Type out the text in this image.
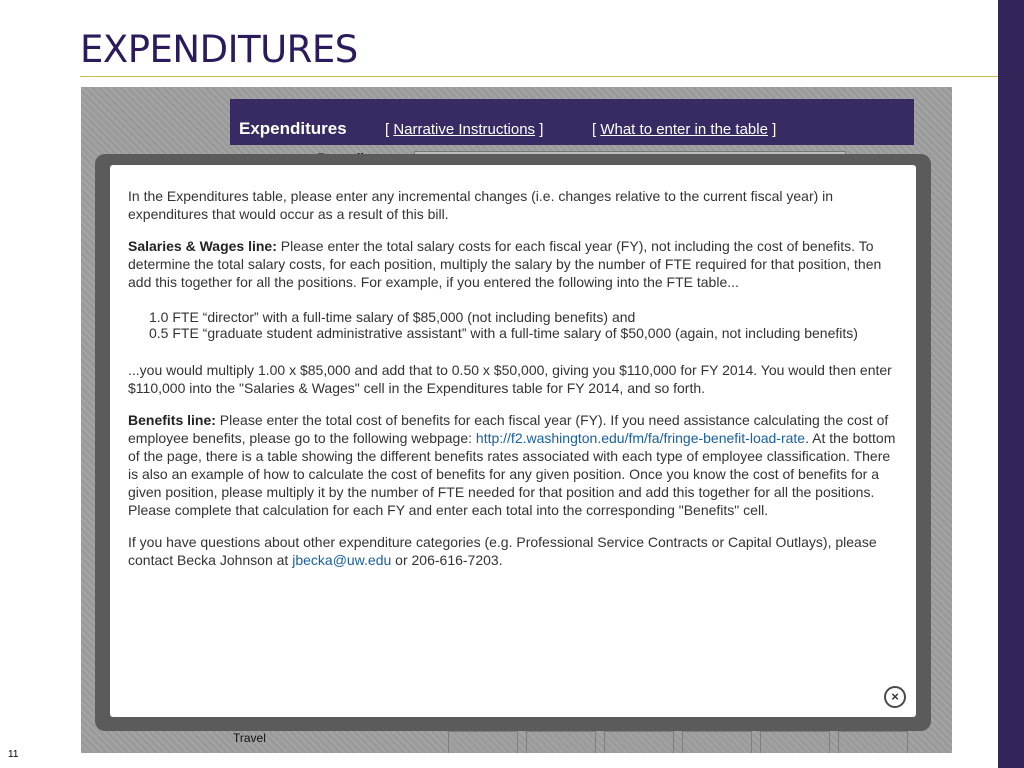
EXPENDITURES
11
Expenditures	[ Narrative Instructions ]	[ What to enter in the table ]
Travel

In the Expenditures table, please enter any incremental changes (i.e. changes relative to the current fiscal year) in expenditures that would occur as a result of this bill.

Salaries & Wages line: Please enter the total salary costs for each fiscal year (FY), not including the cost of benefits. To determine the total salary costs, for each position, multiply the salary by the number of FTE required for that position, then add this together for all the positions. For example, if you entered the following into the FTE table...

1.0 FTE “director” with a full-time salary of $85,000 (not including benefits) and
0.5 FTE “graduate student administrative assistant” with a full-time salary of $50,000 (again, not including benefits)

...you would multiply 1.00 x $85,000 and add that to 0.50 x $50,000, giving you $110,000 for FY 2014. You would then enter $110,000 into the "Salaries & Wages" cell in the Expenditures table for FY 2014, and so forth.

Benefits line: Please enter the total cost of benefits for each fiscal year (FY). If you need assistance calculating the cost of employee benefits, please go to the following webpage: http://f2.washington.edu/fm/fa/fringe-benefit-load-rate. At the bottom of the page, there is a table showing the different benefits rates associated with each type of employee classification. There is also an example of how to calculate the cost of benefits for any given position. Once you know the cost of benefits for a given position, please multiply it by the number of FTE needed for that position and add this together for all the positions. Please complete that calculation for each FY and enter each total into the corresponding "Benefits" cell.

If you have questions about other expenditure categories (e.g. Professional Service Contracts or Capital Outlays), please contact Becka Johnson at jbecka@uw.edu or 206-616-7203.

×
